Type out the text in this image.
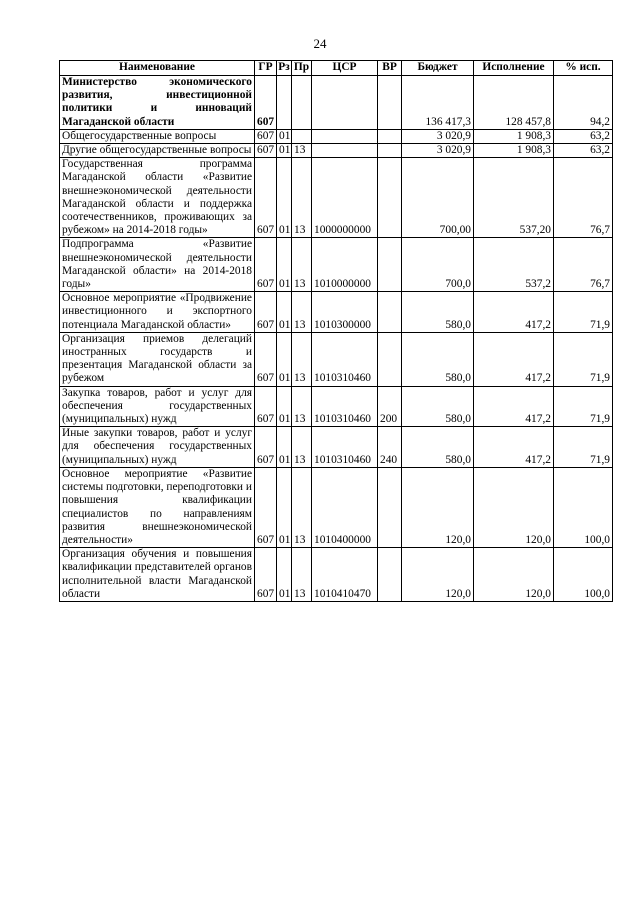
24
Наименование	ГР	Рз	Пр	ЦСР	ВР	Бюджет	Исполнение	% исп.
Министерство экономического развития, инвестиционной политики и инноваций Магаданской области	607					136 417,3	128 457,8	94,2
Общегосударственные вопросы	607	01				3 020,9	1 908,3	63,2
Другие общегосударственные вопросы	607	01	13			3 020,9	1 908,3	63,2
Государственная программа Магаданской области «Развитие внешнеэкономической деятельности Магаданской области и поддержка соотечественников, проживающих за рубежом» на 2014-2018 годы»	607	01	13	1000000000		700,00	537,20	76,7
Подпрограмма «Развитие внешнеэкономической деятельности Магаданской области» на 2014-2018 годы»	607	01	13	1010000000		700,0	537,2	76,7
Основное мероприятие «Продвижение инвестиционного и экспортного потенциала Магаданской области»	607	01	13	1010300000		580,0	417,2	71,9
Организация приемов делегаций иностранных государств и презентация Магаданской области за рубежом	607	01	13	1010310460		580,0	417,2	71,9
Закупка товаров, работ и услуг для обеспечения государственных (муниципальных) нужд	607	01	13	1010310460	200	580,0	417,2	71,9
Иные закупки товаров, работ и услуг для обеспечения государственных (муниципальных) нужд	607	01	13	1010310460	240	580,0	417,2	71,9
Основное мероприятие «Развитие системы подготовки, переподготовки и повышения квалификации специалистов по направлениям развития внешнеэкономической деятельности»	607	01	13	1010400000		120,0	120,0	100,0
Организация обучения и повышения квалификации представителей органов исполнительной власти Магаданской области	607	01	13	1010410470		120,0	120,0	100,0
